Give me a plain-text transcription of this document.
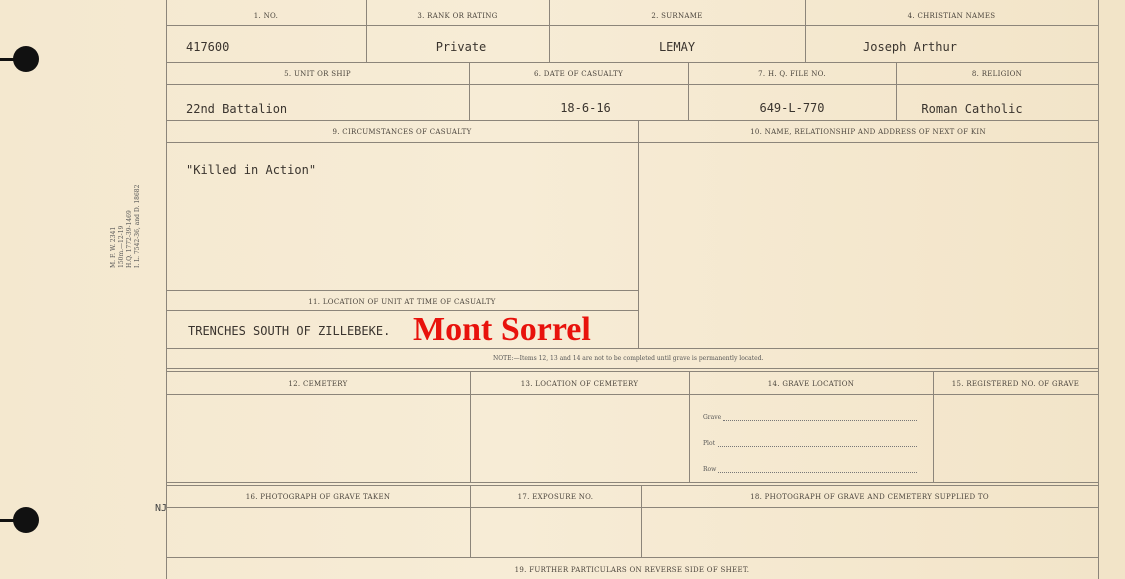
M. F. W. 2341 150m.—12-19 H.Q. 1772-39-1469 I. L. 7542-36, and D. 18682
1. NO.	3. RANK OR RATING	2. SURNAME	4. CHRISTIAN NAMES
417600	Private	LEMAY	Joseph Arthur
5. UNIT OR SHIP	6. DATE OF CASUALTY	7. H. Q. FILE NO.	8. RELIGION
22nd Battalion	18-6-16	649-L-770	Roman Catholic
9. CIRCUMSTANCES OF CASUALTY	10. NAME, RELATIONSHIP AND ADDRESS OF NEXT OF KIN
"Killed in Action"
11. LOCATION OF UNIT AT TIME OF CASUALTY
TRENCHES SOUTH OF ZILLEBEKE. Mont Sorrel
NOTE:—Items 12, 13 and 14 are not to be completed until grave is permanently located.
12. CEMETERY	13. LOCATION OF CEMETERY	14. GRAVE LOCATION	15. REGISTERED NO. OF GRAVE
Grave
Plot
Row
16. PHOTOGRAPH OF GRAVE TAKEN	17. EXPOSURE NO.	18. PHOTOGRAPH OF GRAVE AND CEMETERY SUPPLIED TO
19. FURTHER PARTICULARS ON REVERSE SIDE OF SHEET.
NJ
